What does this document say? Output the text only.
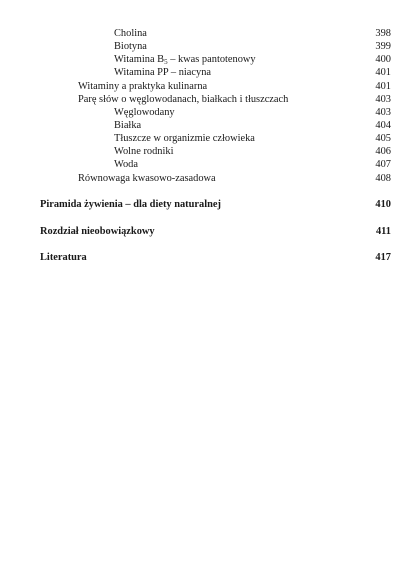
Cholina	398
Biotyna	399
Witamina $B_5$ – kwas pantotenowy	400
Witamina PP – niacyna	401
Witaminy a praktyka kulinarna	401
Parę słów o węglowodanach, białkach i tłuszczach	403
Węglowodany	403
Białka	404
Tłuszcze w organizmie człowieka	405
Wolne rodniki	406
Woda	407
Równowaga kwasowo-zasadowa	408
Piramida żywienia – dla diety naturalnej	410
Rozdział nieobowiązkowy	411
Literatura	417
